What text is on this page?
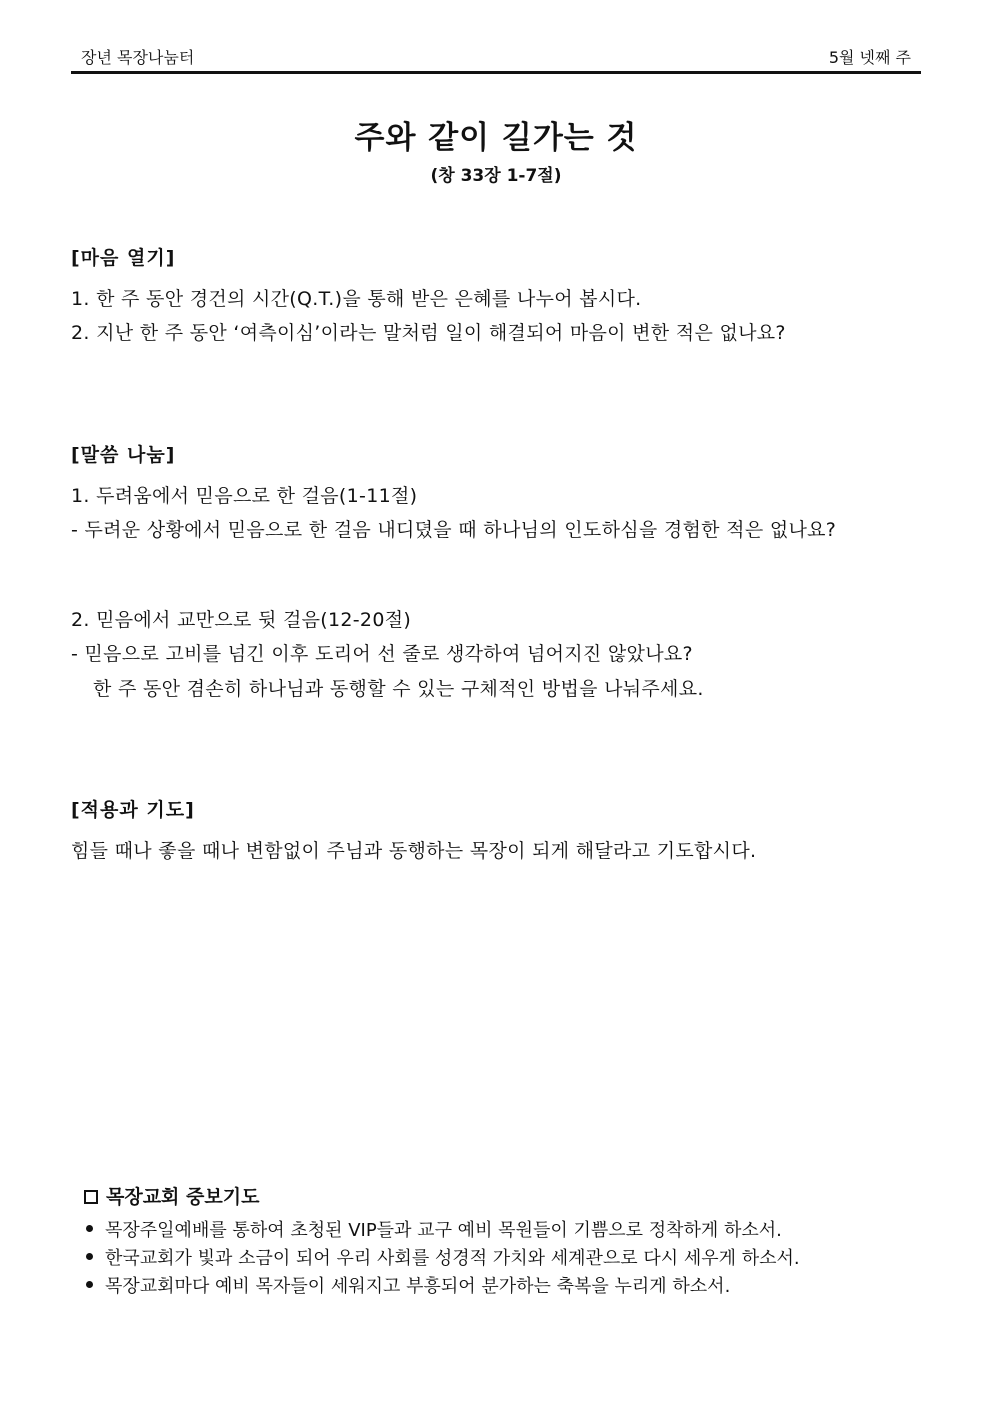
장년 목장나눔터	5월 넷째 주
주와 같이 길가는 것
(창 33장 1-7절)
[마음 열기]
1. 한 주 동안 경건의 시간(Q.T.)을 통해 받은 은혜를 나누어 봅시다.
2. 지난 한 주 동안 ‘여측이심’이라는 말처럼 일이 해결되어 마음이 변한 적은 없나요?
[말씀 나눔]
1. 두려움에서 믿음으로 한 걸음(1-11절)
- 두려운 상황에서 믿음으로 한 걸음 내디뎠을 때 하나님의 인도하심을 경험한 적은 없나요?
2. 믿음에서 교만으로 뒷 걸음(12-20절)
- 믿음으로 고비를 넘긴 이후 도리어 선 줄로 생각하여 넘어지진 않았나요?
한 주 동안 겸손히 하나님과 동행할 수 있는 구체적인 방법을 나눠주세요.
[적용과 기도]
힘들 때나 좋을 때나 변함없이 주님과 동행하는 목장이 되게 해달라고 기도합시다.
목장교회 중보기도
목장주일예배를 통하여 초청된 VIP들과 교구 예비 목원들이 기쁨으로 정착하게 하소서.
한국교회가 빛과 소금이 되어 우리 사회를 성경적 가치와 세계관으로 다시 세우게 하소서.
목장교회마다 예비 목자들이 세워지고 부흥되어 분가하는 축복을 누리게 하소서.
